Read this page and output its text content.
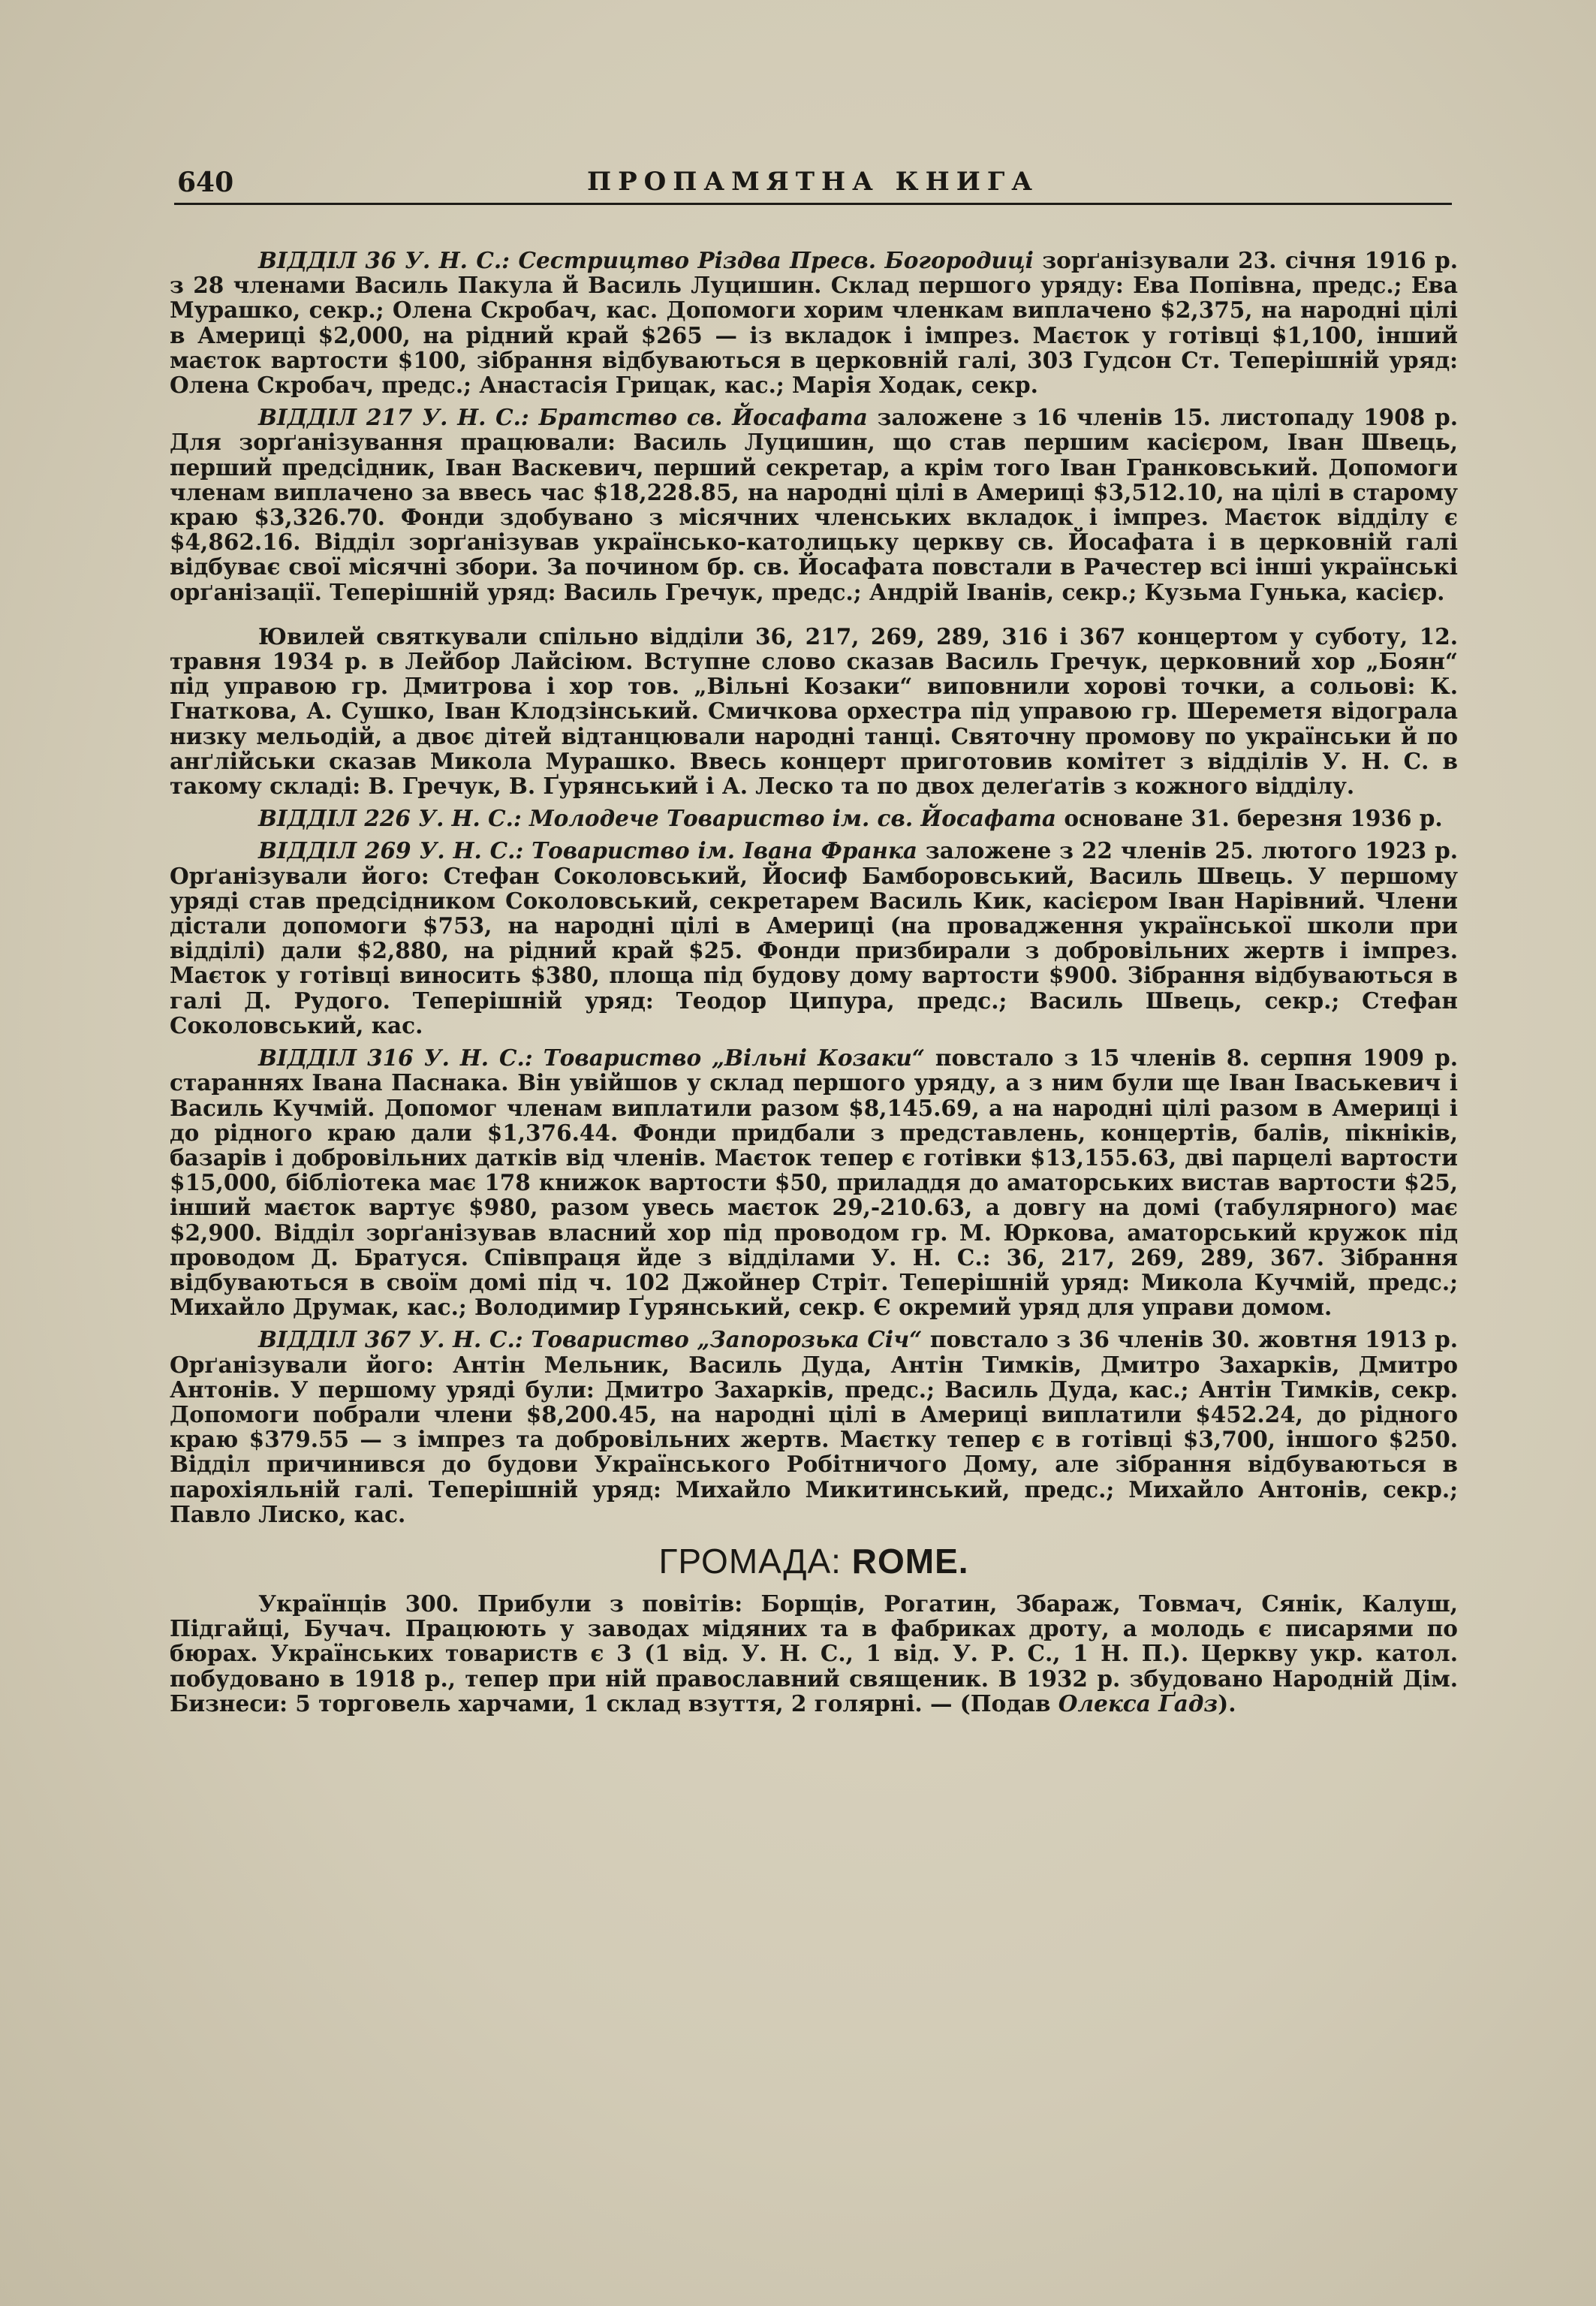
640	ПРОПАМЯТНА КНИГА

ВІДДІЛ 36 У. Н. С.: Сестрицтво Різдва Пресв. Богородиці зорґанізували 23. січня 1916 р. з 28 членами Василь Пакула й Василь Луцишин. Склад першого уряду: Ева Попівна, предс.; Ева Мурашко, секр.; Олена Скробач, кас. Допомоги хорим членкам виплачено $2,375, на народні цілі в Америці $2,000, на рідний край $265 — із вкладок і імпрез. Маєток у готівці $1,100, інший маєток вартости $100, зібрання відбуваються в церковній галі, 303 Гудсон Ст. Теперішній уряд: Олена Скробач, предс.; Анастасія Грицак, кас.; Марія Ходак, секр.

ВІДДІЛ 217 У. Н. С.: Братство св. Йосафата заложене з 16 членів 15. листопаду 1908 р. Для зорґанізування працювали: Василь Луцишин, що став першим касієром, Іван Швець, перший предсідник, Іван Васкевич, перший секретар, а крім того Іван Гранковський. Допомоги членам виплачено за ввесь час $18,228.85, на народні цілі в Америці $3,512.10, на цілі в старому краю $3,326.70. Фонди здобувано з місячних членських вкладок і імпрез. Маєток відділу є $4,862.16. Відділ зорґанізував українсько-католицьку церкву св. Йосафата і в церковній галі відбуває свої місячні збори. За почином бр. св. Йосафата повстали в Рачестер всі інші українські орґанізації. Теперішній уряд: Василь Гречук, предс.; Андрій Іванів, секр.; Кузьма Гунька, касієр.

Ювилей святкували спільно відділи 36, 217, 269, 289, 316 і 367 концертом у суботу, 12. травня 1934 р. в Лейбор Лайсіюм. Вступне слово сказав Василь Гречук, церковний хор „Боян“ під управою гр. Дмитрова і хор тов. „Вільні Козаки“ виповнили хорові точки, а сольові: К. Гнаткова, А. Сушко, Іван Клодзінський. Смичкова орхестра під управою гр. Шереметя відограла низку мельодій, а двоє дітей відтанцювали народні танці. Святочну промову по українськи й по анґлійськи сказав Микола Мурашко. Ввесь концерт приготовив комітет з відділів У. Н. С. в такому складі: В. Гречук, В. Ґурянський і А. Леско та по двох делеґатів з кожного відділу.

ВІДДІЛ 226 У. Н. С.: Молодече Товариство ім. св. Йосафата основане 31. березня 1936 р.

ВІДДІЛ 269 У. Н. С.: Товариство ім. Івана Франка заложене з 22 членів 25. лютого 1923 р. Орґанізували його: Стефан Соколовський, Йосиф Бамборовський, Василь Швець. У першому уряді став предсідником Соколовський, секретарем Василь Кик, касієром Іван Нарівний. Члени дістали допомоги $753, на народні цілі в Америці (на провадження української школи при відділі) дали $2,880, на рідний край $25. Фонди призбирали з добровільних жертв і імпрез. Маєток у готівці виносить $380, площа під будову дому вартости $900. Зібрання відбуваються в галі Д. Рудого. Теперішній уряд: Теодор Ципура, предс.; Василь Швець, секр.; Стефан Соколовський, кас.

ВІДДІЛ 316 У. Н. С.: Товариство „Вільні Козаки“ повстало з 15 членів 8. серпня 1909 р. стараннях Івана Паснака. Він увійшов у склад першого уряду, а з ним були ще Іван Іваськевич і Василь Кучмій. Допомог членам виплатили разом $8,145.69, а на народні цілі разом в Америці і до рідного краю дали $1,376.44. Фонди придбали з представлень, концертів, балів, пікніків, базарів і добровільних датків від членів. Маєток тепер є готівки $13,155.63, дві парцелі вартости $15,000, бібліотека має 178 книжок вартости $50, приладдя до аматорських вистав вартости $25, інший маєток вартує $980, разом увесь маєток 29,-210.63, а довгу на домі (табулярного) має $2,900. Відділ зорґанізував власний хор під проводом гр. М. Юркова, аматорський кружок під проводом Д. Братуся. Співпраця йде з відділами У. Н. С.: 36, 217, 269, 289, 367. Зібрання відбуваються в своїм домі під ч. 102 Джойнер Стріт. Теперішній уряд: Микола Кучмій, предс.; Михайло Друмак, кас.; Володимир Ґурянський, секр. Є окремий уряд для управи домом.

ВІДДІЛ 367 У. Н. С.: Товариство „Запорозька Січ“ повстало з 36 членів 30. жовтня 1913 р. Орґанізували його: Антін Мельник, Василь Дуда, Антін Тимків, Дмитро Захарків, Дмитро Антонів. У першому уряді були: Дмитро Захарків, предс.; Василь Дуда, кас.; Антін Тимків, секр. Допомоги побрали члени $8,200.45, на народні цілі в Америці виплатили $452.24, до рідного краю $379.55 — з імпрез та добровільних жертв. Маєтку тепер є в готівці $3,700, іншого $250. Відділ причинився до будови Українського Робітничого Дому, але зібрання відбуваються в парохіяльній галі. Теперішній уряд: Михайло Микитинський, предс.; Михайло Антонів, секр.; Павло Лиско, кас.

ГРОМАДА: ROME.

Українців 300. Прибули з повітів: Борщів, Рогатин, Збараж, Товмач, Сянік, Калуш, Підгайці, Бучач. Працюють у заводах мідяних та в фабриках дроту, а молодь є писарями по бюрах. Українських товариств є 3 (1 від. У. Н. С., 1 від. У. Р. С., 1 Н. П.). Церкву укр. катол. побудовано в 1918 р., тепер при ній православний священик. В 1932 р. збудовано Народній Дім. Бизнеси: 5 торговель харчами, 1 склад взуття, 2 голярні. — (Подав Олекса Ґадз).
